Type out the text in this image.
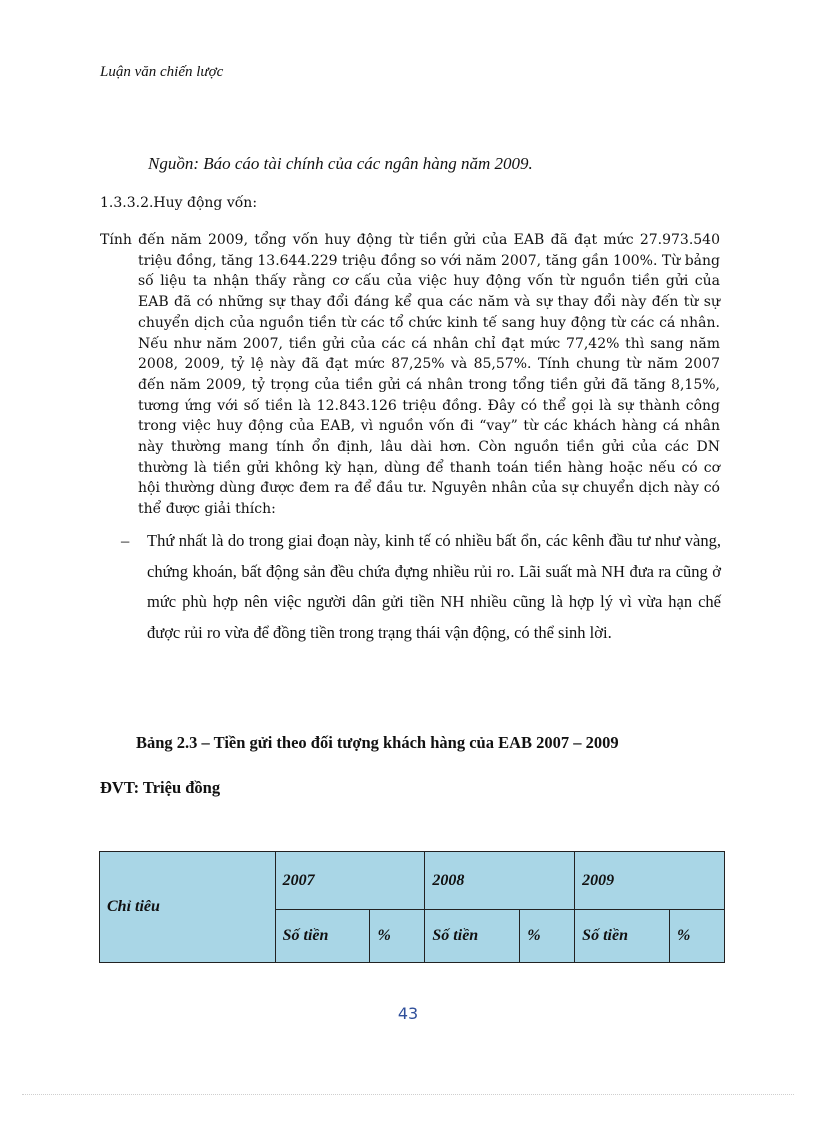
Luận văn chiến lược
Nguồn: Báo cáo tài chính của các ngân hàng năm 2009.
1.3.3.2.Huy động vốn:
Tính đến năm 2009, tổng vốn huy động từ tiền gửi của EAB đã đạt mức 27.973.540 triệu đồng, tăng 13.644.229 triệu đồng so với năm 2007, tăng gần 100%. Từ bảng số liệu ta nhận thấy rằng cơ cấu của việc huy động vốn từ nguồn tiền gửi của EAB đã có những sự thay đổi đáng kể qua các năm và sự thay đổi này đến từ sự chuyển dịch của nguồn tiền từ các tổ chức kinh tế sang huy động từ các cá nhân. Nếu như năm 2007, tiền gửi của các cá nhân chỉ đạt mức 77,42% thì sang năm 2008, 2009, tỷ lệ này đã đạt mức 87,25% và 85,57%. Tính chung từ năm 2007 đến năm 2009, tỷ trọng của tiền gửi cá nhân trong tổng tiền gửi đã tăng 8,15%, tương ứng với số tiền là 12.843.126 triệu đồng. Đây có thể gọi là sự thành công trong việc huy động của EAB, vì nguồn vốn đi “vay” từ các khách hàng cá nhân này thường mang tính ổn định, lâu dài hơn. Còn nguồn tiền gửi của các DN thường là tiền gửi không kỳ hạn, dùng để thanh toán tiền hàng hoặc nếu có cơ hội thường dùng được đem ra để đầu tư. Nguyên nhân của sự chuyển dịch này có thể được giải thích:
– Thứ nhất là do trong giai đoạn này, kinh tế có nhiều bất ổn, các kênh đầu tư như vàng, chứng khoán, bất động sản đều chứa đựng nhiều rủi ro. Lãi suất mà NH đưa ra cũng ở mức phù hợp nên việc người dân gửi tiền NH nhiều cũng là hợp lý vì vừa hạn chế được rủi ro vừa để đồng tiền trong trạng thái vận động, có thể sinh lời.
Bảng 2.3 – Tiền gửi theo đối tượng khách hàng của EAB 2007 – 2009
ĐVT: Triệu đồng
Chỉ tiêu	2007		2008		2009	
	Số tiền	%	Số tiền	%	Số tiền	%
43
